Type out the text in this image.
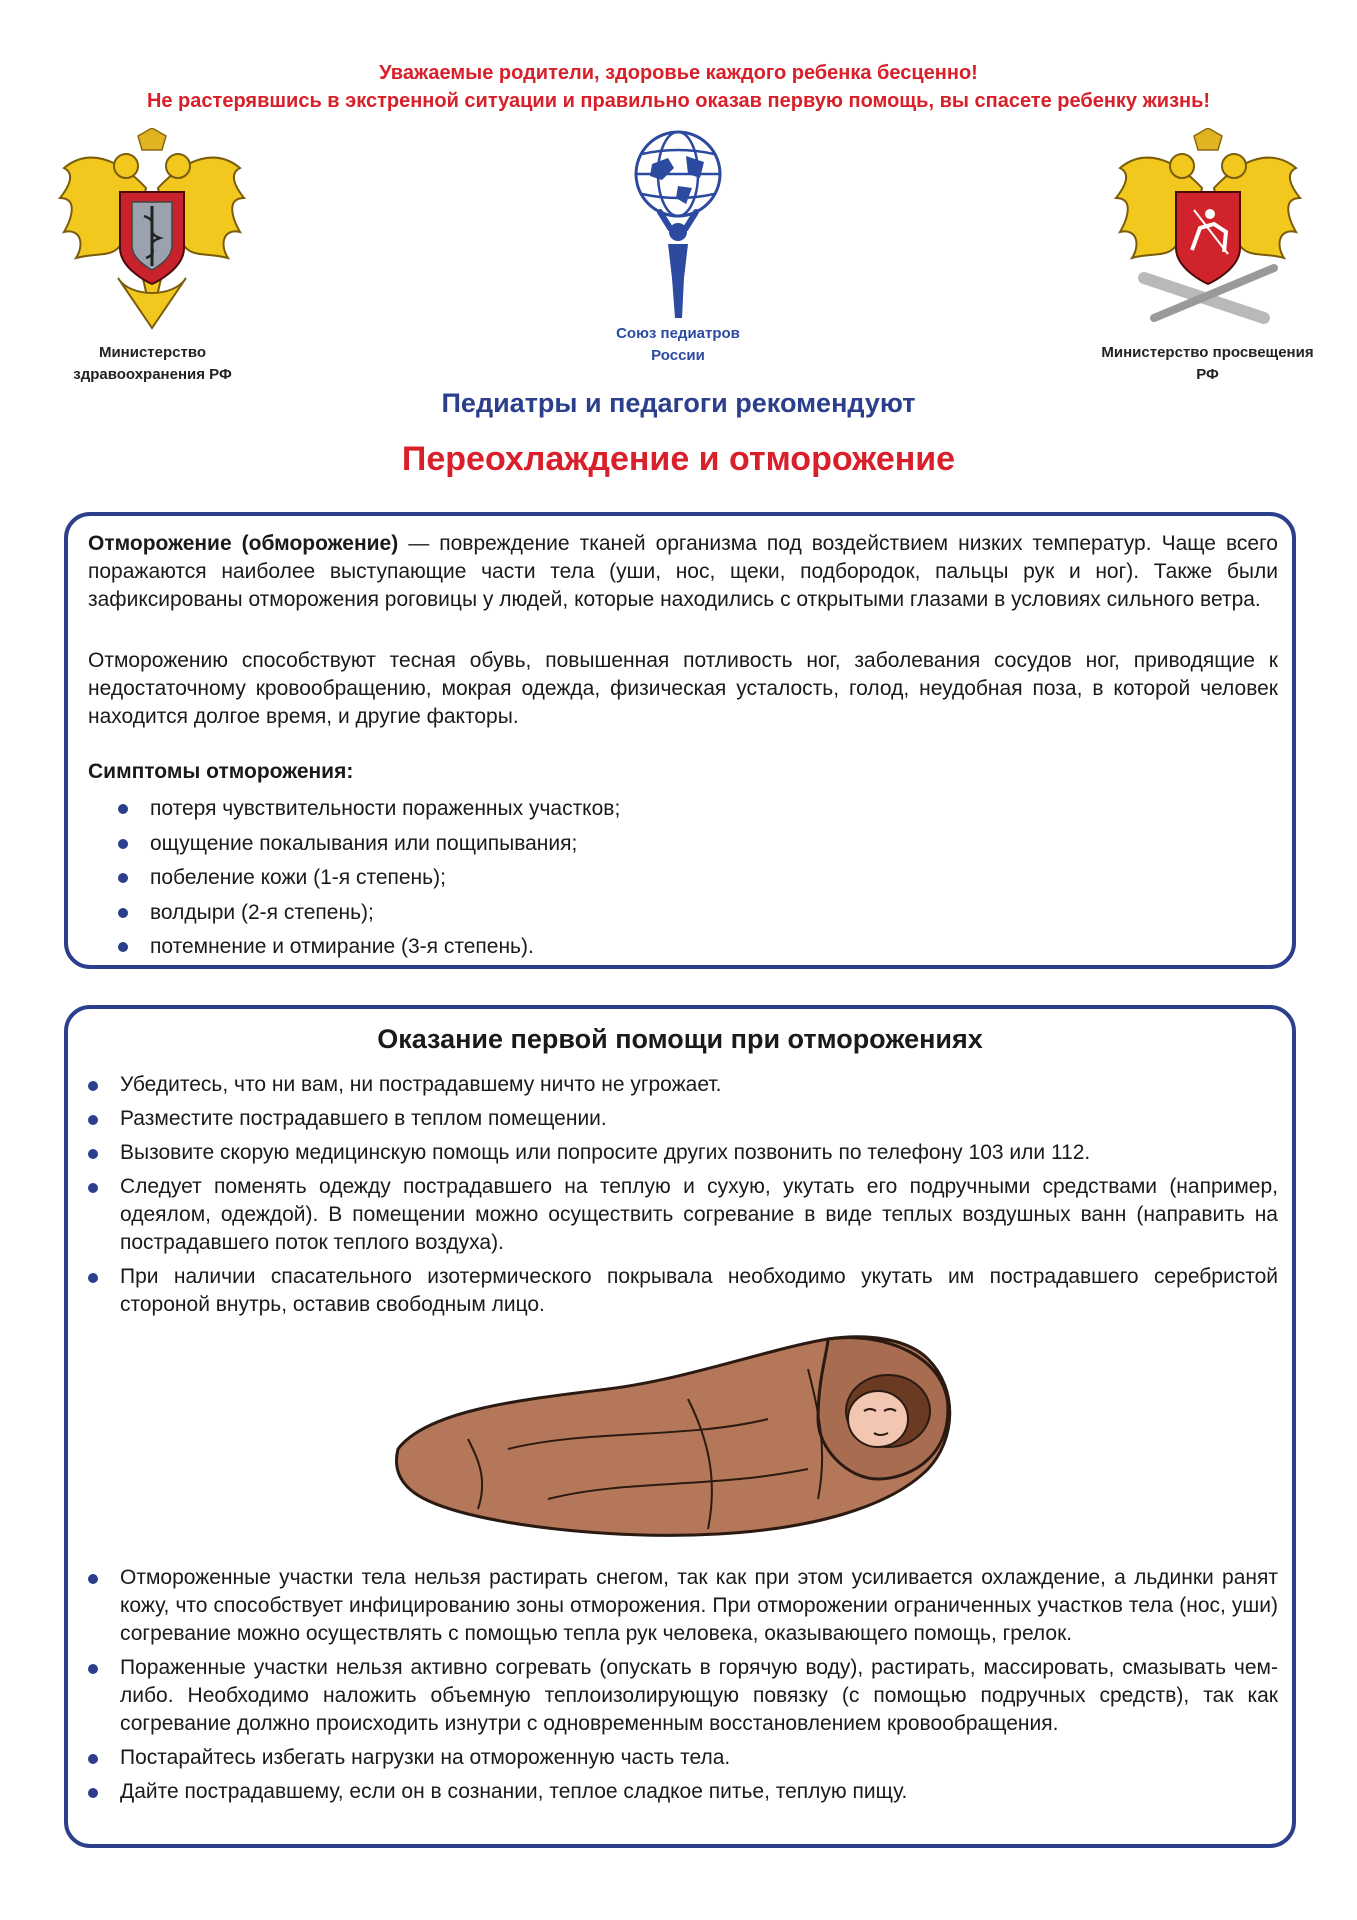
Уважаемые родители, здоровье каждого ребенка бесценно!
Не растерявшись в экстренной ситуации и правильно оказав первую помощь, вы спасете ребенку жизнь!
Министерство здравоохранения РФ
Союз педиатров России	Министерство просвещения РФ
Педиатры и педагоги рекомендуют
Переохлаждение и отморожение

Отморожение (обморожение) — повреждение тканей организма под воздействием низких температур. Чаще всего поражаются наиболее выступающие части тела (уши, нос, щеки, подбородок, пальцы рук и ног). Также были зафиксированы отморожения роговицы у людей, которые находились с открытыми глазами в условиях сильного ветра.

Отморожению способствуют тесная обувь, повышенная потливость ног, заболевания сосудов ног, приводящие к недостаточному кровообращению, мокрая одежда, физическая усталость, голод, неудобная поза, в которой человек находится долгое время, и другие факторы.

Симптомы отморожения:
потеря чувствительности пораженных участков;
ощущение покалывания или пощипывания;
побеление кожи (1-я степень);
волдыри (2-я степень);
потемнение и отмирание (3-я степень).
Оказание первой помощи при отморожениях
Убедитесь, что ни вам, ни пострадавшему ничто не угрожает.
Разместите пострадавшего в теплом помещении.
Вызовите скорую медицинскую помощь или попросите других позвонить по телефону 103 или 112.
Следует поменять одежду пострадавшего на теплую и сухую, укутать его подручными средствами (например, одеялом, одеждой). В помещении можно осуществить согревание в виде теплых воздушных ванн (направить на пострадавшего поток теплого воздуха).
При наличии спасательного изотермического покрывала необходимо укутать им пострадавшего серебристой стороной внутрь, оставив свободным лицо.
Отмороженные участки тела нельзя растирать снегом, так как при этом усиливается охлаждение, а льдинки ранят кожу, что способствует инфицированию зоны отморожения. При отморожении ограниченных участков тела (нос, уши) согревание можно осуществлять с помощью тепла рук человека, оказывающего помощь, грелок.
Пораженные участки нельзя активно согревать (опускать в горячую воду), растирать, массировать, смазывать чем-либо. Необходимо наложить объемную теплоизолирующую повязку (с помощью подручных средств), так как согревание должно происходить изнутри с одновременным восстановлением кровообращения.
Постарайтесь избегать нагрузки на отмороженную часть тела.
Дайте пострадавшему, если он в сознании, теплое сладкое питье, теплую пищу.
